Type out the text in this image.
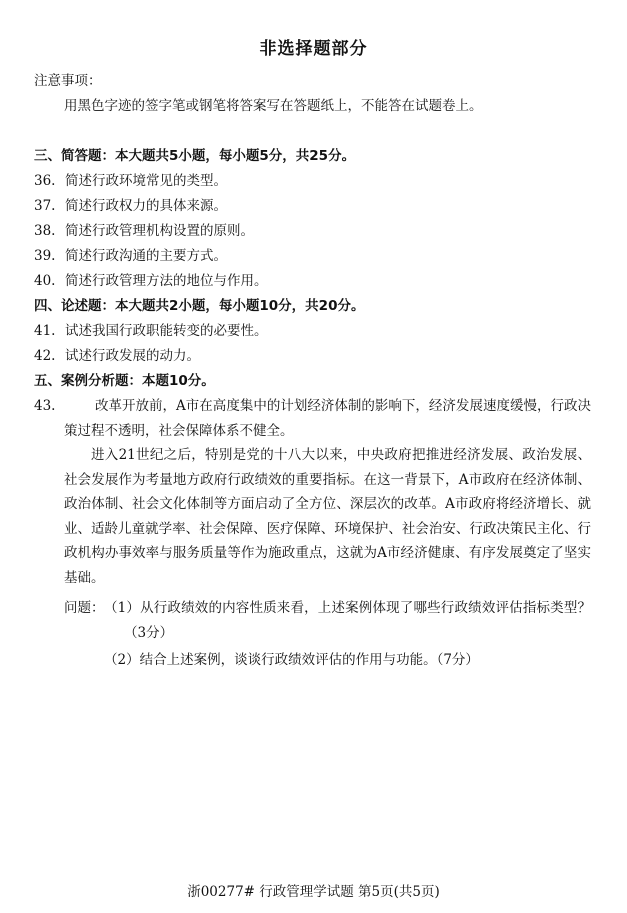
非选择题部分
注意事项：
用黑色字迹的签字笔或钢笔将答案写在答题纸上，不能答在试题卷上。
三、简答题：本大题共5小题，每小题5分，共25分。
36. 简述行政环境常见的类型。
37. 简述行政权力的具体来源。
38. 简述行政管理机构设置的原则。
39. 简述行政沟通的主要方式。
40. 简述行政管理方法的地位与作用。
四、论述题：本大题共2小题，每小题10分，共20分。
41. 试述我国行政职能转变的必要性。
42. 试述行政发展的动力。
五、案例分析题：本题10分。
43.	改革开放前，A市在高度集中的计划经济体制的影响下，经济发展速度缓慢，行政决策过程不透明，社会保障体系不健全。
进入21世纪之后，特别是党的十八大以来，中央政府把推进经济发展、政治发展、社会发展作为考量地方政府行政绩效的重要指标。在这一背景下，A市政府在经济体制、政治体制、社会文化体制等方面启动了全方位、深层次的改革。A市政府将经济增长、就业、适龄儿童就学率、社会保障、医疗保障、环境保护、社会治安、行政决策民主化、行政机构办事效率与服务质量等作为施政重点，这就为A市经济健康、有序发展奠定了坚实基础。
问题： （1）从行政绩效的内容性质来看，上述案例体现了哪些行政绩效评估指标类型？（3分）
（2）结合上述案例，谈谈行政绩效评估的作用与功能。（7分）
浙00277# 行政管理学试题 第5页(共5页)
